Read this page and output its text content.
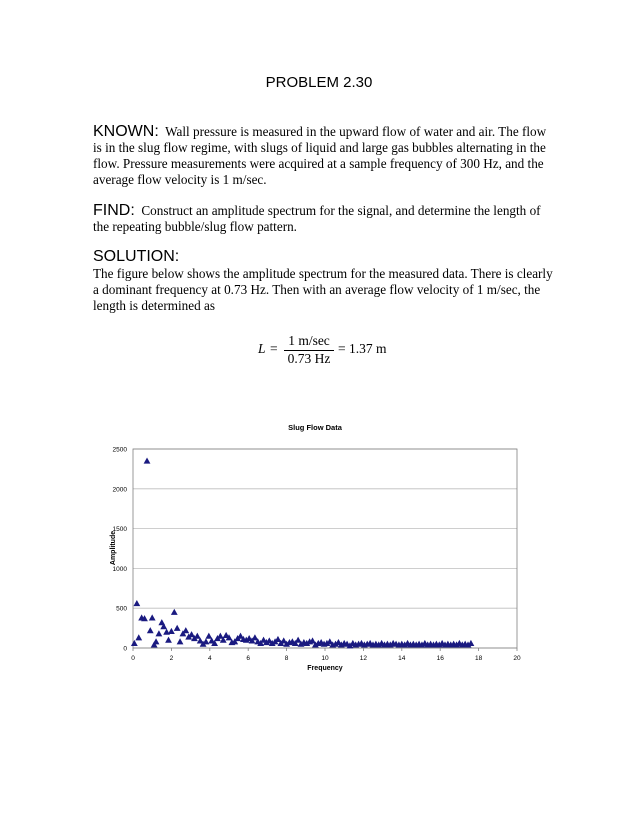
PROBLEM 2.30
KNOWN: Wall pressure is measured in the upward flow of water and air. The flow is in the slug flow regime, with slugs of liquid and large gas bubbles alternating in the flow. Pressure measurements were acquired at a sample frequency of 300 Hz, and the average flow velocity is 1 m/sec.
FIND: Construct an amplitude spectrum for the signal, and determine the length of the repeating bubble/slug flow pattern.
SOLUTION:
The figure below shows the amplitude spectrum for the measured data. There is clearly a dominant frequency at 0.73 Hz. Then with an average flow velocity of 1 m/sec, the length is determined as
L =
1 m/sec
0.73 Hz
= 1.37 m
0
500
1000
1500
2000
2500
0	2	4	6	8	10	12	14	16	18	20
Slug Flow Data
Frequency
Amplitude
